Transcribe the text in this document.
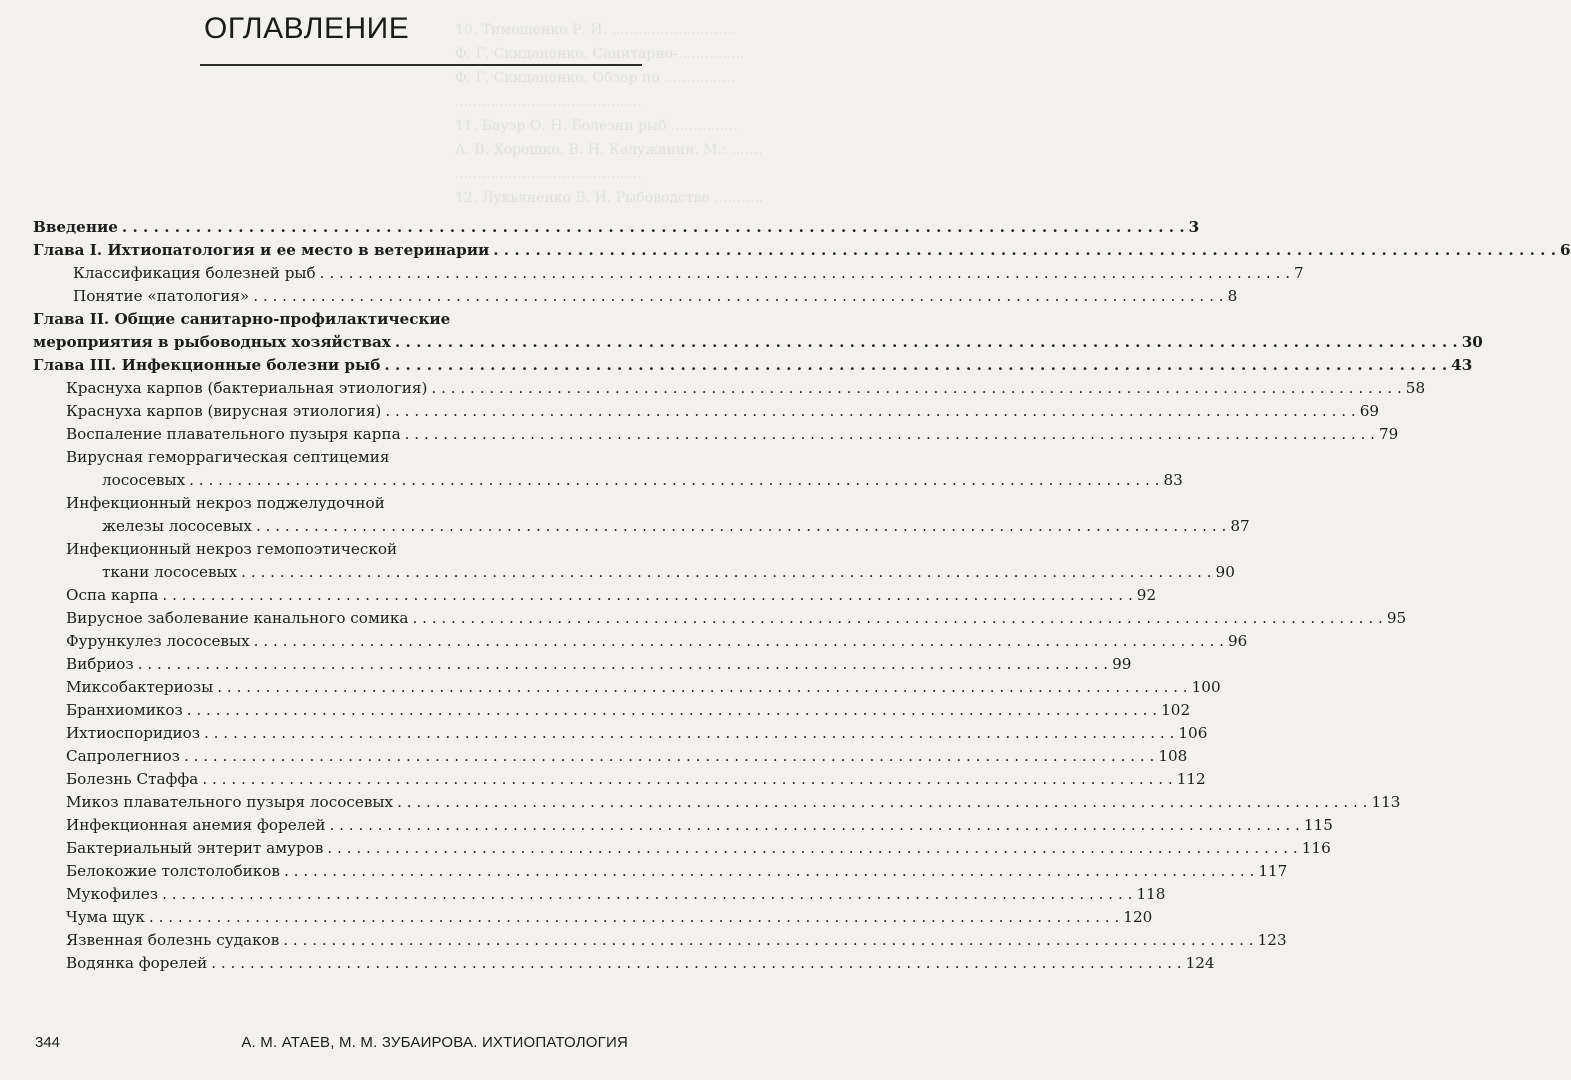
10. Тимошенко Р. И. ............................
Ф. Г. Скиданенко. Санитарно-...............
Ф. Г. Скиданенко. Обзор по ................
..........................................
11. Бауэр О. Н. Болезни рыб ...............
А. В. Хорошко. В. Н. Калужанин. М.: .......
..........................................
12. Лукьяненко В. И. Рыбоводство ...........
ОГЛАВЛЕНИЕ
Введение . . .	3
Глава I. Ихтиопатология и ее место в ветеринарии . . .	6
Классификация болезней рыб . . .	7
Понятие «патология» . . .	8
Глава II. Общие санитарно-профилактические
мероприятия в рыбоводных хозяйствах . . .	30
Глава III. Инфекционные болезни рыб . . .	43
Краснуха карпов (бактериальная этиология) . . .	58
Краснуха карпов (вирусная этиология) . . .	69
Воспаление плавательного пузыря карпа . . .	79
Вирусная геморрагическая септицемия
лососевых . . .	83
Инфекционный некроз поджелудочной
железы лососевых . . .	87
Инфекционный некроз гемопоэтической
ткани лососевых . . .	90
Оспа карпа . . .	92
Вирусное заболевание канального сомика . . .	95
Фурункулез лососевых . . .	96
Вибриоз . . .	99
Миксобактериозы . . .	100
Бранхиомикоз . . .	102
Ихтиоспоридиоз . . .	106
Сапролегниоз . . .	108
Болезнь Стаффа . . .	112
Микоз плавательного пузыря лососевых . . .	113
Инфекционная анемия форелей . . .	115
Бактериальный энтерит амуров . . .	116
Белокожие толстолобиков . . .	117
Мукофилез . . .	118
Чума щук . . .	120
Язвенная болезнь судаков . . .	123
Водянка форелей . . .	124
344	А. М. АТАЕВ, М. М. ЗУБАИРОВА. ИХТИОПАТОЛОГИЯ
